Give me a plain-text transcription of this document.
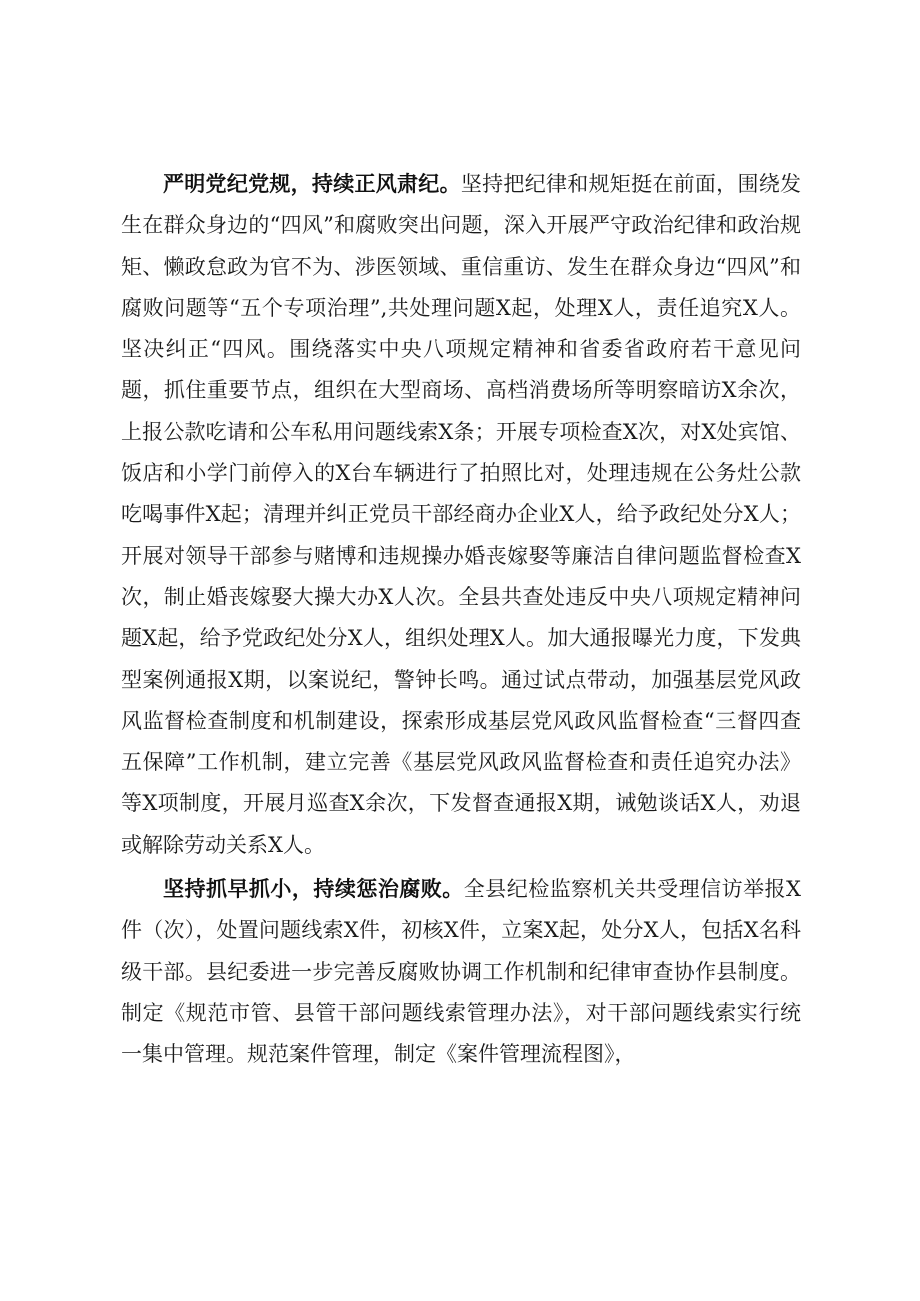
严明党纪党规，持续正风肃纪。坚持把纪律和规矩挺在前面，围绕发生在群众身边的“四风”和腐败突出问题，深入开展严守政治纪律和政治规矩、懒政怠政为官不为、涉医领域、重信重访、发生在群众身边“四风”和腐败问题等“五个专项治理”,共处理问题X起，处理X人，责任追究X人。坚决纠正“四风。围绕落实中央八项规定精神和省委省政府若干意见问题，抓住重要节点，组织在大型商场、高档消费场所等明察暗访X余次，上报公款吃请和公车私用问题线索X条；开展专项检查X次，对X处宾馆、饭店和小学门前停入的X台车辆进行了拍照比对，处理违规在公务灶公款吃喝事件X起；清理并纠正党员干部经商办企业X人，给予政纪处分X人；开展对领导干部参与赌博和违规操办婚丧嫁娶等廉洁自律问题监督检查X次，制止婚丧嫁娶大操大办X人次。全县共查处违反中央八项规定精神问题X起，给予党政纪处分X人，组织处理X人。加大通报曝光力度，下发典型案例通报X期，以案说纪，警钟长鸣。通过试点带动，加强基层党风政风监督检查制度和机制建设，探索形成基层党风政风监督检查“三督四查五保障”工作机制，建立完善《基层党风政风监督检查和责任追究办法》等X项制度，开展月巡查X余次，下发督查通报X期，诫勉谈话X人，劝退或解除劳动关系X人。

坚持抓早抓小，持续惩治腐败。全县纪检监察机关共受理信访举报X件（次），处置问题线索X件，初核X件，立案X起，处分X人，包括X名科级干部。县纪委进一步完善反腐败协调工作机制和纪律审查协作县制度。制定《规范市管、县管干部问题线索管理办法》，对干部问题线索实行统一集中管理。规范案件管理，制定《案件管理流程图》，
